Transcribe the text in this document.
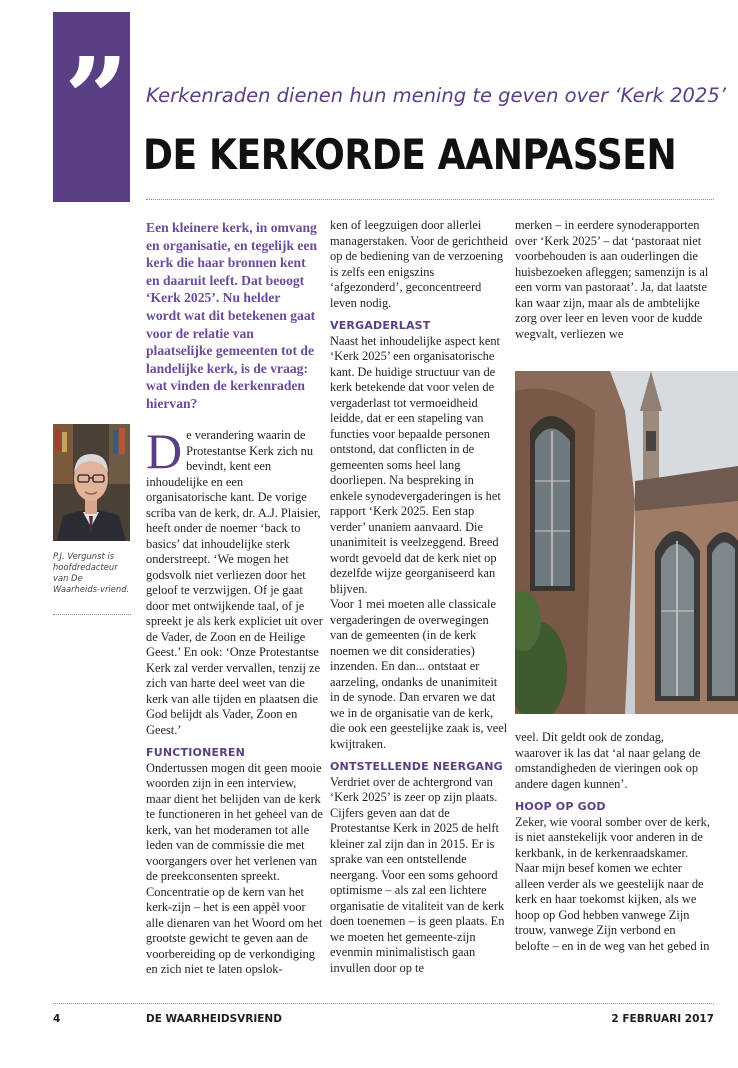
” Kerkenraden dienen hun mening te geven over ‘Kerk 2025’
DE KERKORDE AANPASSEN
Een kleinere kerk, in omvang en organisatie, en tegelijk een kerk die haar bronnen kent en daaruit leeft. Dat beoogt ‘Kerk 2025’. Nu helder wordt wat dit betekenen gaat voor de relatie van plaatselijke gemeenten tot de landelijke kerk, is de vraag: wat vinden de kerkenraden hiervan?
P.J. Vergunst is hoofdredacteur van De Waarheids-vriend.

De verandering waarin de Protestantse Kerk zich nu bevindt, kent een inhoudelijke en een organisatorische kant. De vorige scriba van de kerk, dr. A.J. Plaisier, heeft onder de noemer ‘back to basics’ dat inhoudelijke sterk onderstreept. ‘We mogen het godsvolk niet verliezen door het geloof te verzwijgen. Of je gaat door met ontwijkende taal, of je spreekt je als kerk expliciet uit over de Vader, de Zoon en de Heilige Geest.’ En ook: ‘Onze Protestantse Kerk zal verder vervallen, tenzij ze zich van harte deel weet van die kerk van alle tijden en plaatsen die God belijdt als Vader, Zoon en Geest.’

FUNCTIONEREN

Ondertussen mogen dit geen mooie woorden zijn in een interview, maar dient het belijden van de kerk te functioneren in het geheel van de kerk, van het moderamen tot alle leden van de commissie die met voorgangers over het verlenen van de preekconsenten spreekt.

Concentratie op de kern van het kerk-zijn – het is een appèl voor alle dienaren van het Woord om het grootste gewicht te geven aan de voorbereiding op de verkondiging en zich niet te laten opslok-

ken of leegzuigen door allerlei managerstaken. Voor de gerichtheid op de bediening van de verzoening is zelfs een enigszins ‘afgezonderd’, geconcentreerd leven nodig.

VERGADERLAST

Naast het inhoudelijke aspect kent ‘Kerk 2025’ een organisatorische kant. De huidige structuur van de kerk betekende dat voor velen de vergaderlast tot vermoeidheid leidde, dat er een stapeling van functies voor bepaalde personen ontstond, dat conflicten in de gemeenten soms heel lang doorliepen. Na bespreking in enkele synodevergaderingen is het rapport ‘Kerk 2025. Een stap verder’ unaniem aanvaard. Die unanimiteit is veelzeggend. Breed wordt gevoeld dat de kerk niet op dezelfde wijze georganiseerd kan blijven.

Voor 1 mei moeten alle classicale vergaderingen de overwegingen van de gemeenten (in de kerk noemen we dit consideraties) inzenden. En dan... ontstaat er aarzeling, ondanks de unanimiteit in de synode. Dan ervaren we dat we in de organisatie van de kerk, die ook een geestelijke zaak is, veel kwijtraken.

ONTSTELLENDE NEERGANG

Verdriet over de achtergrond van ‘Kerk 2025’ is zeer op zijn plaats. Cijfers geven aan dat de Protestantse Kerk in 2025 de helft kleiner zal zijn dan in 2015. Er is sprake van een ontstellende neergang. Voor een soms gehoord optimisme – als zal een lichtere organisatie de vitaliteit van de kerk doen toenemen – is geen plaats. En we moeten het gemeente-zijn evenmin minimalistisch gaan invullen door op te

merken – in eerdere synoderapporten over ‘Kerk 2025’ – dat ‘pastoraat niet voorbehouden is aan ouderlingen die huisbezoeken afleggen; samenzijn is al een vorm van pastoraat’. Ja, dat laatste kan waar zijn, maar als de ambtelijke zorg over leer en leven voor de kudde wegvalt, verliezen we

veel. Dit geldt ook de zondag, waarover ik las dat ‘al naar gelang de omstandigheden de vieringen ook op andere dagen kunnen’.

HOOP OP GOD

Zeker, wie vooral somber over de kerk, is niet aanstekelijk voor anderen in de kerkbank, in de kerkenraadskamer. Naar mijn besef komen we echter alleen verder als we geestelijk naar de kerk en haar toekomst kijken, als we hoop op God hebben vanwege Zijn trouw, vanwege Zijn verbond en belofte – en in de weg van het gebed in

4	DE WAARHEIDSVRIEND	2 FEBRUARI 2017
